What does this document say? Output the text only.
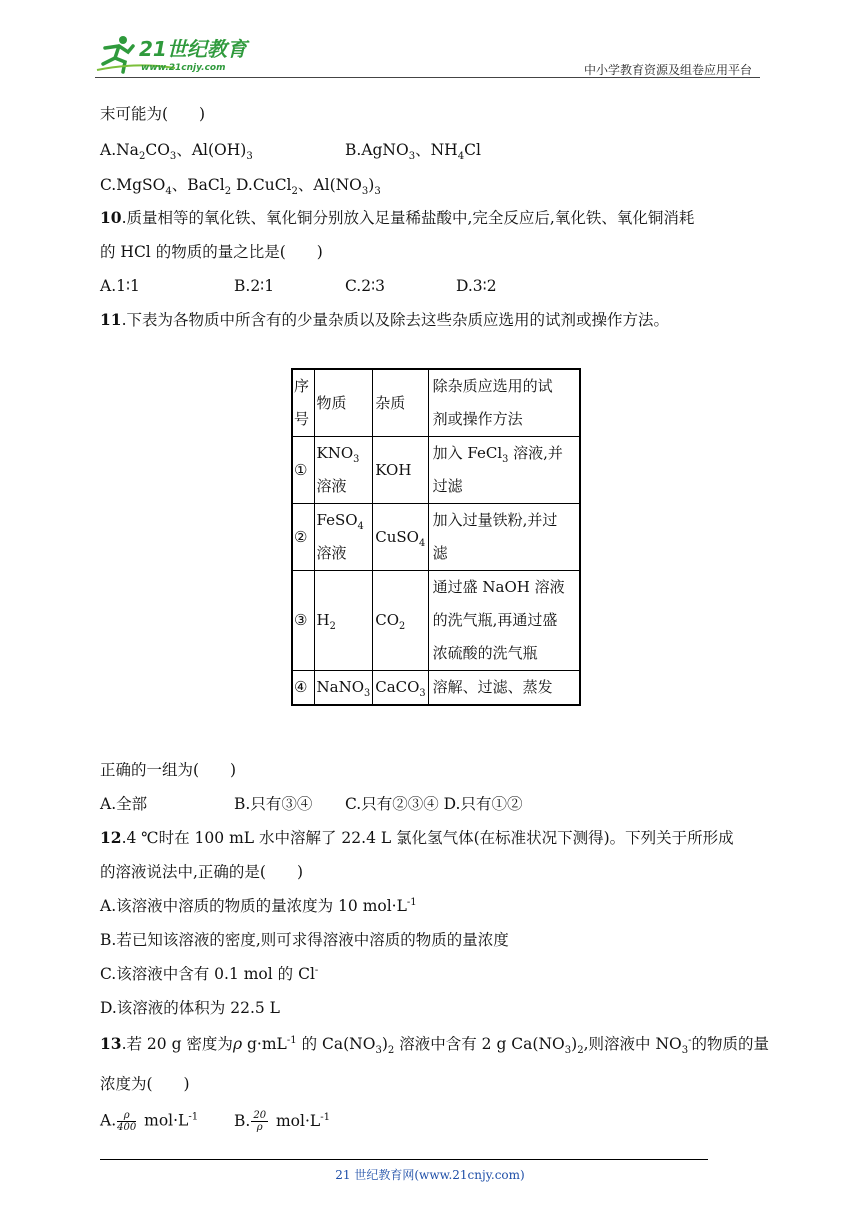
21世纪教育
www.21cnjy.com	中小学教育资源及组卷应用平台
末可能为(　　)
$A.Na_2CO_3$、$Al(OH)_3$	B.AgNO$_3$、$NH_4Cl$
C.MgSO$_4$、BaCl$_2$ D.CuCl$_2$、$Al(NO_3)_3$
10.质量相等的氧化铁、氧化铜分别放入足量稀盐酸中,完全反应后,氧化铁、氧化铜消耗
的 HCl 的物质的量之比是(　　)
A.1∶1	B.2∶1	C.2∶3	D.3∶2
11.下表为各物质中所含有的少量杂质以及除去这些杂质应选用的试剂或操作方法。
序
号	物质	杂质	除杂质应选用的试
剂或操作方法
①	$KNO_3$
溶液	KOH	加入 FeCl$_3$ 溶液,并
过滤
②	FeSO$_4$
溶液	CuSO$_4$	加入过量铁粉,并过
滤
③	$H_2$	$CO_2$	通过盛 NaOH 溶液
的洗气瓶,再通过盛
浓硫酸的洗气瓶
④	NaNO$_3$	CaCO$_3$	溶解、过滤、蒸发
正确的一组为(　　)
A.全部	B.只有③④ C.只有②③④ D.只有①②
12.4 ℃时在 100 mL 水中溶解了 22.4 L 氯化氢气体(在标准状况下测得)。下列关于所形成
的溶液说法中,正确的是(　　)
A.该溶液中溶质的物质的量浓度为 10 $mol\cdot L^{-1}$
B.若已知该溶液的密度,则可求得溶液中溶质的物质的量浓度
C.该溶液中含有 0.1 mol 的 Cl-
D.该溶液的体积为 22.5 L
13.若 20 g 密度为ρ $g\cdot mL^{-1}$ 的 $Ca(NO_3)_2$ 溶液中含有 2 g $Ca(NO_3)_2$,则溶液中 $NO_3^-$的物质的量
浓度为(　　)
A. $\frac{\rho}{400} mol\cdot L^{-1}$ B. $\frac{20}{\rho} mol\cdot L^{-1}$
21 世纪教育网(www.21cnjy.com)
